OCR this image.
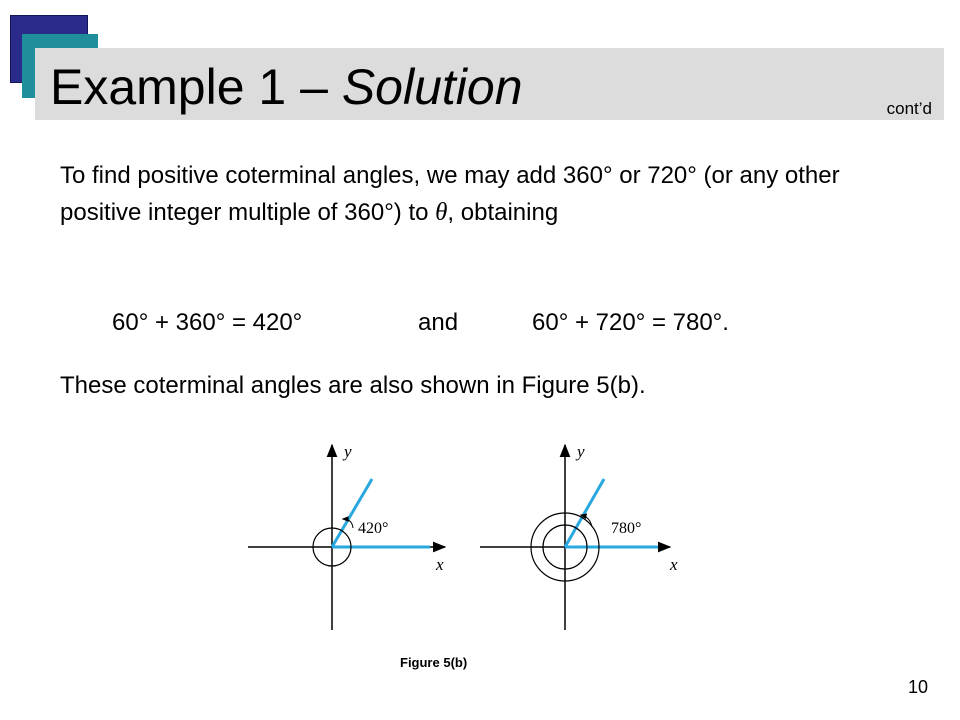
Example 1 – Solution	cont’d

To find positive coterminal angles, we may add 360° or 720° (or any other positive integer multiple of 360°) to θ, obtaining

60° + 360° = 420°	and	60° + 720° = 780°.

These coterminal angles are also shown in Figure 5(b).

y
x
420°
y
x
780°
Figure 5(b)
10
